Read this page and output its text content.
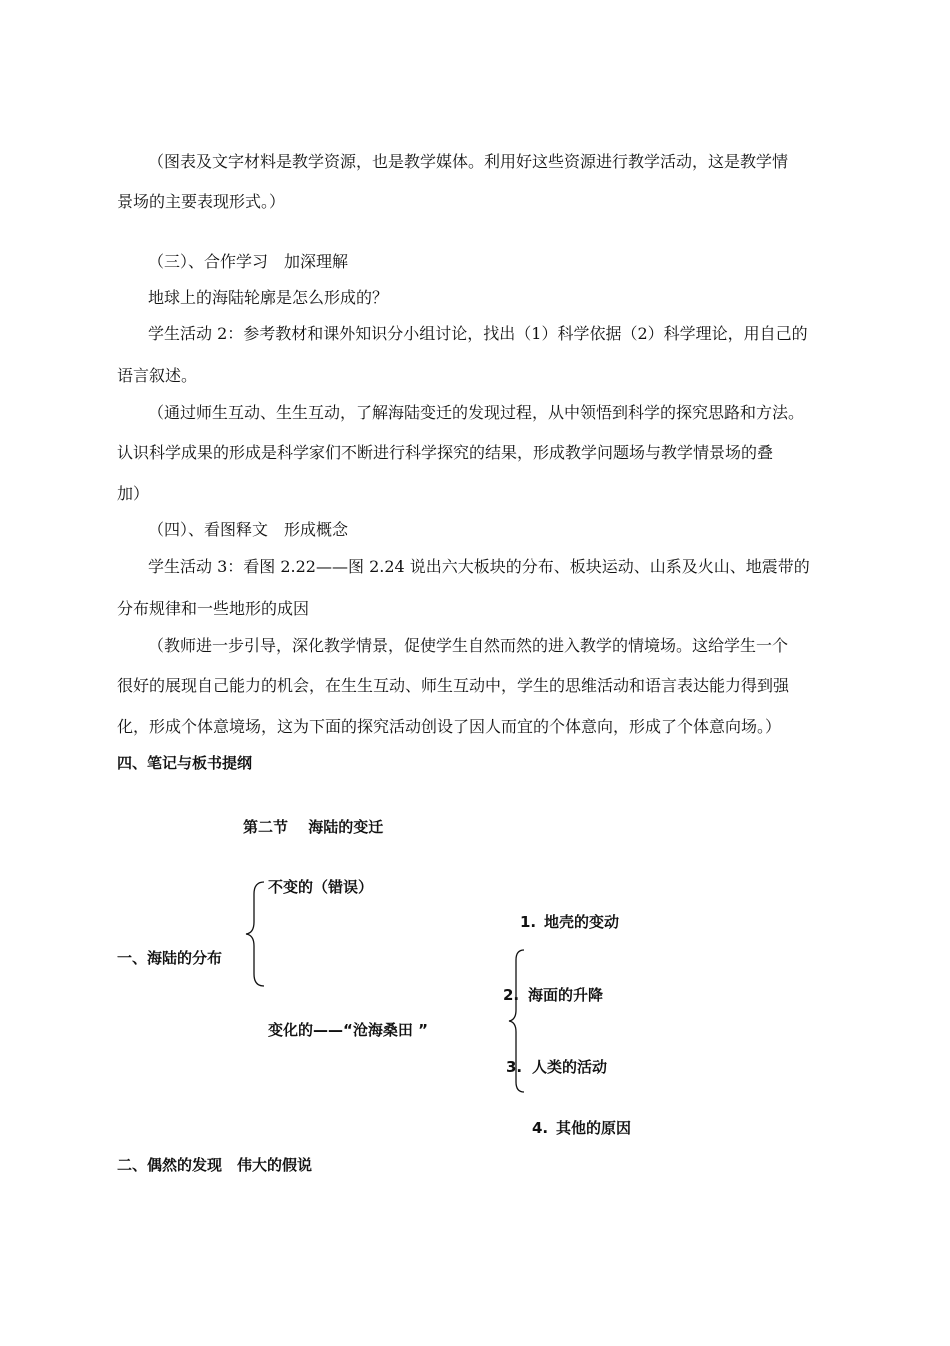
（图表及文字材料是教学资源，也是教学媒体。利用好这些资源进行教学活动，这是教学情
景场的主要表现形式。）
（三）、合作学习　加深理解
地球上的海陆轮廓是怎么形成的？
学生活动 2：参考教材和课外知识分小组讨论，找出（1）科学依据（2）科学理论，用自己的
语言叙述。
（通过师生互动、生生互动，了解海陆变迁的发现过程，从中领悟到科学的探究思路和方法。
认识科学成果的形成是科学家们不断进行科学探究的结果，形成教学问题场与教学情景场的叠
加）
（四）、看图释文　形成概念
学生活动 3：看图 2.22——图 2.24 说出六大板块的分布、板块运动、山系及火山、地震带的
分布规律和一些地形的成因
（教师进一步引导，深化教学情景，促使学生自然而然的进入教学的情境场。这给学生一个
很好的展现自己能力的机会，在生生互动、师生互动中，学生的思维活动和语言表达能力得到强
化，形成个体意境场，这为下面的探究活动创设了因人而宜的个体意向，形成了个体意向场。）
四、笔记与板书提纲
第二节　 海陆的变迁
不变的（错误）
一、海陆的分布
变化的——“沧海桑田 ”
1. 地壳的变动
2. 海面的升降
3. 人类的活动
4. 其他的原因
二、偶然的发现　伟大的假说
